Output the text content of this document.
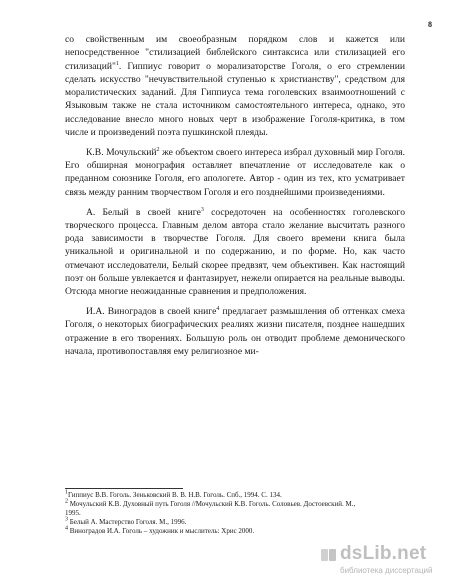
8

со свойственным им своеобразным порядком слов и кажется или непосредственное "стилизацией библейского синтаксиса или стилизацией его стилизаций"$^1$. Гиппиус говорит о морализаторстве Гоголя, о его стремлении сделать искусство "нечувствительной ступенью к христианству", средством для моралистических заданий. Для Гиппиуса тема гоголевских взаимоотношений с Языковым также не стала источником самостоятельного интереса, однако, это исследование внесло много новых черт в изображение Гоголя-критика, в том числе и произведений поэта пушкинской плеяды.

К.В. Мочульский$^2$ же объектом своего интереса избрал духовный мир Гоголя. Его обширная монография оставляет впечатление от исследователе как о преданном союзнике Гоголя, его апологете. Автор - один из тех, кто усматривает связь между ранним творчеством Гоголя и его позднейшими произведениями.

А. Белый в своей книге$^3$ сосредоточен на особенностях гоголевского творческого процесса. Главным делом автора стало желание высчитать разного рода зависимости в творчестве Гоголя. Для своего времени книга была уникальной и оригинальной и по содержанию, и по форме. Но, как часто отмечают исследователи, Белый скорее предвзят, чем объективен. Как настоящий поэт он больше увлекается и фантазирует, нежели опирается на реальные выводы. Отсюда многие неожиданные сравнения и предположения.

И.А. Виноградов в своей книге$^4$ предлагает размышления об оттенках смеха Гоголя, о некоторых биографических реалиях жизни писателя, позднее нашедших отражение в его творениях. Большую роль он отводит проблеме демонического начала, противопоставляя ему религиозное ми-

$^1$Гиппиус В.В. Гоголь. Зеньковский В. В. Н.В. Гоголь. Спб., 1994. С. 134.

$^2$ Мочульский К.В. Духовный путь Гоголя //Мочульский К.В. Гоголь. Соловьев. Достоевский. М., 1995.

$^3$ Белый А. Мастерство Гоголя. М., 1996.

$^4$ Виноградов И.А. Гоголь – художник и мыслитель: Хрис 2000.

dsLib.net
библиотека диссертаций
